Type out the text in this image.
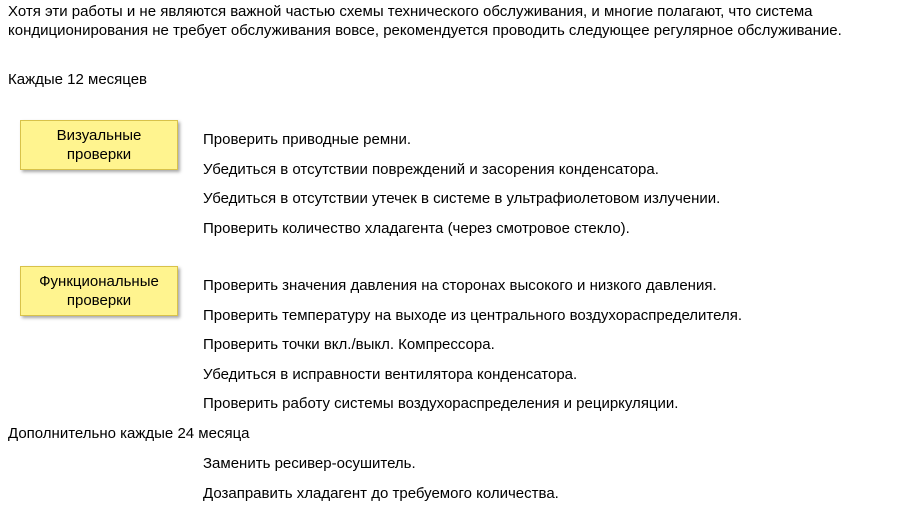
Хотя эти работы и не являются важной частью схемы технического обслуживания, и многие полагают, что система кондиционирования не требует обслуживания вовсе, рекомендуется проводить следующее регулярное обслуживание.

Каждые 12 месяцев

Визуальные
проверки
Проверить приводные ремни.
Убедиться в отсутствии повреждений и засорения конденсатора.
Убедиться в отсутствии утечек в системе в ультрафиолетовом излучении.
Проверить количество хладагента (через смотровое стекло).
Функциональные
проверки
Проверить значения давления на сторонах высокого и низкого давления.
Проверить температуру на выходе из центрального воздухораспределителя.
Проверить точки вкл./выкл. Компрессора.
Убедиться в исправности вентилятора конденсатора.
Проверить работу системы воздухораспределения и рециркуляции.

Дополнительно каждые 24 месяца

Заменить ресивер-осушитель.
Дозаправить хладагент до требуемого количества.
